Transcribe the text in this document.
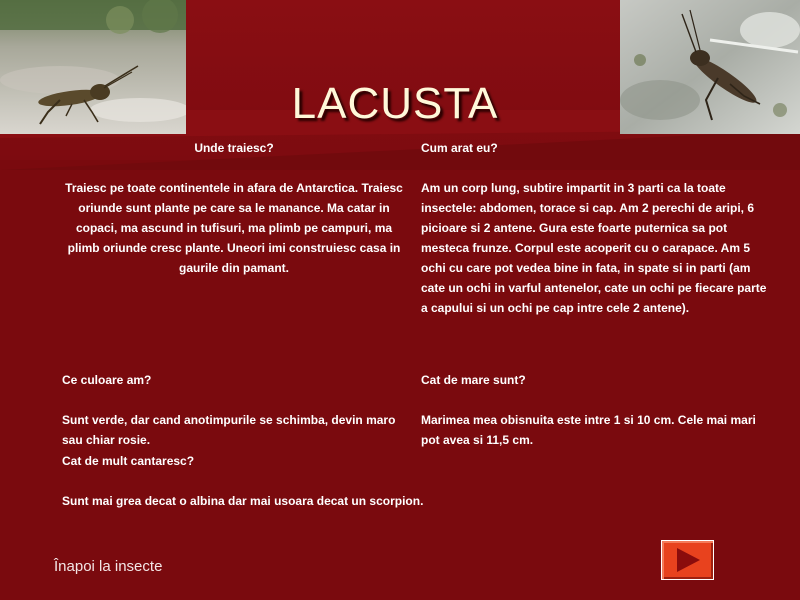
LACUSTA

Unde traiesc?

Traiesc pe toate continentele in afara de Antarctica. Traiesc oriunde sunt plante pe care sa le manance. Ma catar in copaci, ma ascund in tufisuri, ma plimb pe campuri, ma plimb oriunde cresc plante. Uneori imi construiesc casa in gaurile din pamant.

Cum arat eu?

Am un corp lung, subtire impartit in 3 parti ca la toate insectele: abdomen, torace si cap. Am 2 perechi de aripi, 6 picioare si 2 antene. Gura este foarte puternica sa pot mesteca frunze. Corpul este acoperit cu o carapace. Am 5 ochi cu care pot vedea bine in fata, in spate si in parti (am cate un ochi in varful antenelor, cate un ochi pe fiecare parte a capului si un ochi pe cap intre cele 2 antene).

Ce culoare am?

Sunt verde, dar cand anotimpurile se schimba, devin maro sau chiar rosie.

Cat de mare sunt?

Marimea mea obisnuita este intre 1 si 10 cm. Cele mai mari pot avea si 11,5 cm.

Cat de mult cantaresc?

Sunt mai grea decat o albina dar mai usoara decat un scorpion.

Înapoi la insecte
